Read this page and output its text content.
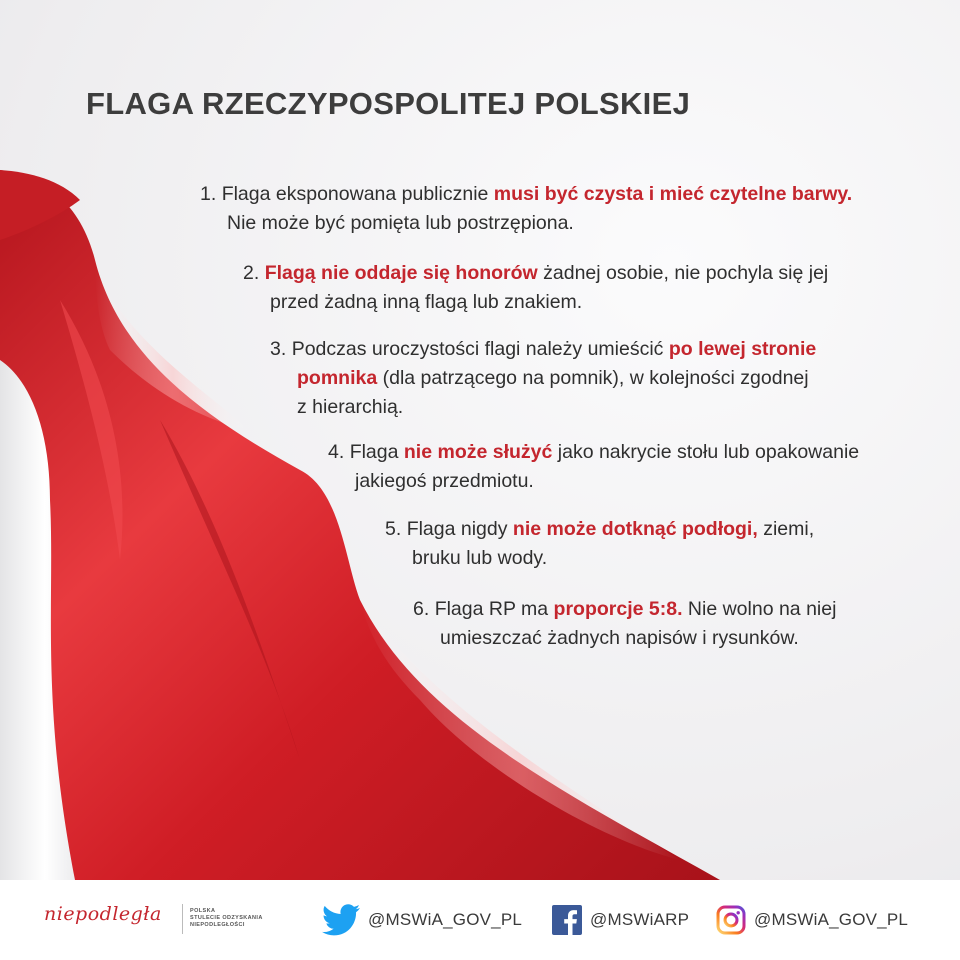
FLAGA RZECZYPOSPOLITEJ POLSKIEJ
1. Flaga eksponowana publicznie musi być czysta i mieć czytelne barwy.
Nie może być pomięta lub postrzępiona.
2. Flagą nie oddaje się honorów żadnej osobie, nie pochyla się jej
przed żadną inną flagą lub znakiem.
3. Podczas uroczystości flagi należy umieścić po lewej stronie
pomnika (dla patrzącego na pomnik), w kolejności zgodnej
z hierarchią.
4. Flaga nie może służyć jako nakrycie stołu lub opakowanie
jakiegoś przedmiotu.
5. Flaga nigdy nie może dotknąć podłogi, ziemi,
bruku lub wody.
6. Flaga RP ma proporcje 5:8. Nie wolno na niej
umieszczać żadnych napisów i rysunków.
niepodległa	POLSKA
STULECIE ODZYSKANIA
NIEPODLEGŁOŚCI	@MSWiA_GOV_PL	@MSWiARP	@MSWiA_GOV_PL
